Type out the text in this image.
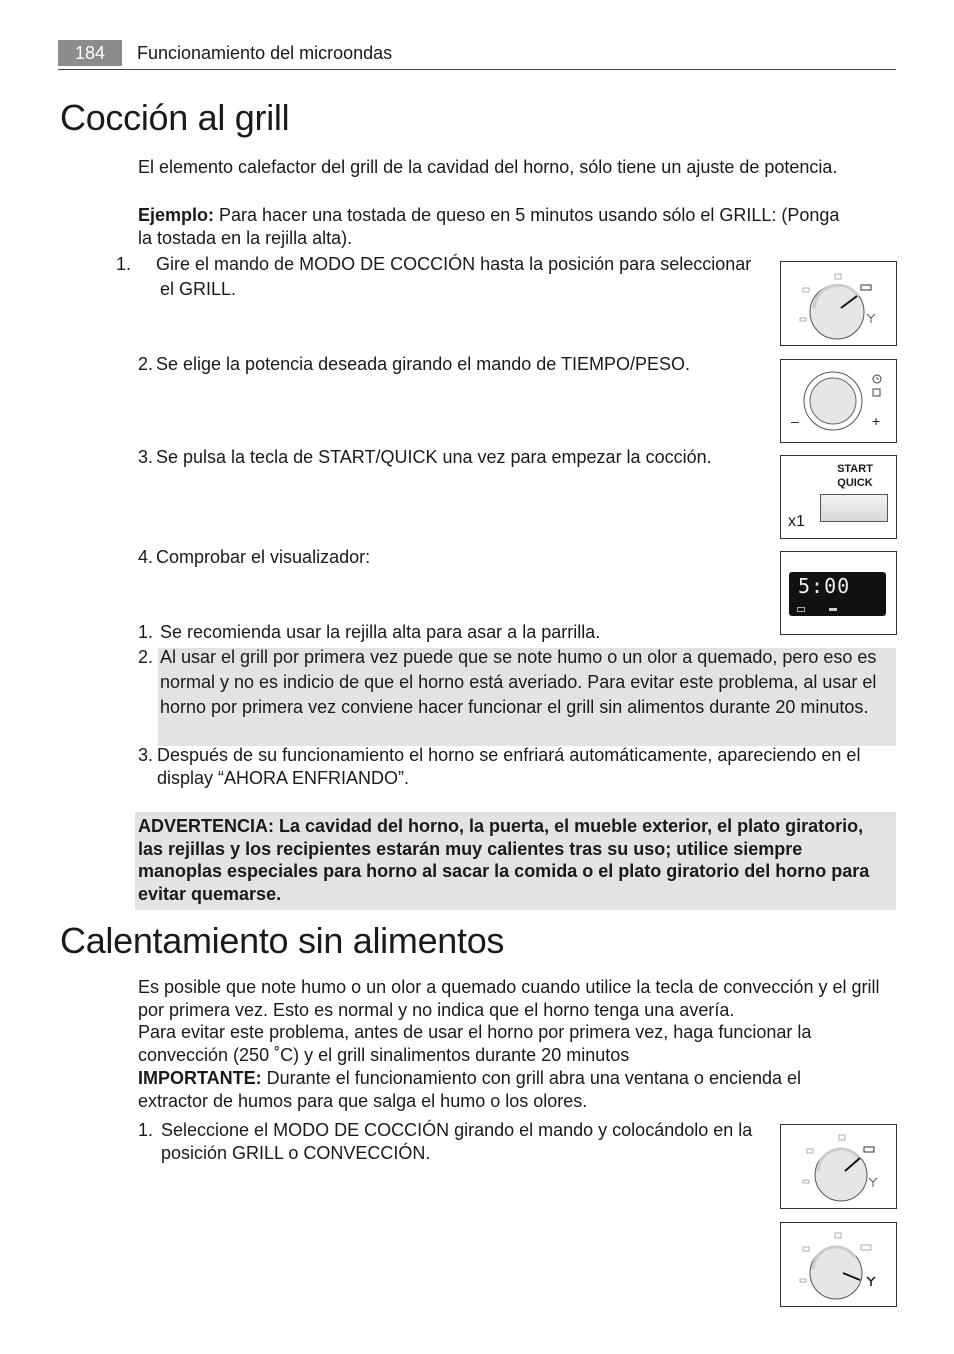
184	Funcionamiento del microondas
Cocción al grill
El elemento calefactor del grill de la cavidad del horno, sólo tiene un ajuste de potencia.
Ejemplo: Para hacer una tostada de queso en 5 minutos usando sólo el GRILL: (Ponga la tostada en la rejilla alta).
1. Gire el mando de MODO DE COCCIÓN hasta la posición para seleccionar el GRILL.
2. Se elige la potencia deseada girando el mando de TIEMPO/PESO.
3. Se pulsa la tecla de START/QUICK una vez para empezar la cocción.
4. Comprobar el visualizador:
–	+
START
QUICK
x1
5:00
1. Se recomienda usar la rejilla alta para asar a la parrilla.
2. Al usar el grill por primera vez puede que se note humo o un olor a quemado, pero eso es normal y no es indicio de que el horno está averiado. Para evitar este problema, al usar el horno por primera vez conviene hacer funcionar el grill sin alimentos durante 20 minutos.
3. Después de su funcionamiento el horno se enfriará automáticamente, apareciendo en el display “AHORA ENFRIANDO”.
ADVERTENCIA: La cavidad del horno, la puerta, el mueble exterior, el plato giratorio, las rejillas y los recipientes estarán muy calientes tras su uso; utilice siempre manoplas especiales para horno al sacar la comida o el plato giratorio del horno para evitar quemarse.
Calentamiento sin alimentos
Es posible que note humo o un olor a quemado cuando utilice la tecla de convección y el grill por primera vez. Esto es normal y no indica que el horno tenga una avería.
Para evitar este problema, antes de usar el horno por primera vez, haga funcionar la convección (250 ˚C) y el grill sinalimentos durante 20 minutos
IMPORTANTE: Durante el funcionamiento con grill abra una ventana o encienda el extractor de humos para que salga el humo o los olores.
1. Seleccione el MODO DE COCCIÓN girando el mando y colocándolo en la posición GRILL o CONVECCIÓN.
